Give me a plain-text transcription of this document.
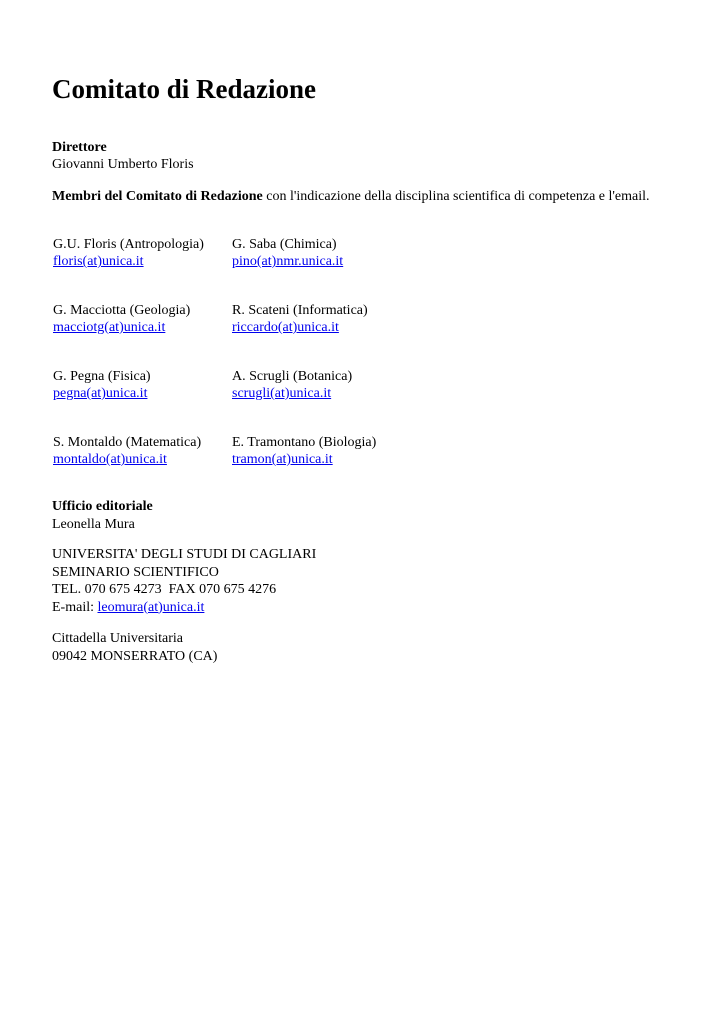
Comitato di Redazione
Direttore
Giovanni Umberto Floris
Membri del Comitato di Redazione con l'indicazione della disciplina scientifica di competenza e l'email.
G.U. Floris (Antropologia)
floris(at)unica.it
G. Saba (Chimica)
pino(at)nmr.unica.it
G. Macciotta (Geologia)
macciotg(at)unica.it
R. Scateni (Informatica)
riccardo(at)unica.it
G. Pegna (Fisica)
pegna(at)unica.it
A. Scrugli (Botanica)
scrugli(at)unica.it
S. Montaldo (Matematica)
montaldo(at)unica.it
E. Tramontano (Biologia)
tramon(at)unica.it
Ufficio editoriale
Leonella Mura
UNIVERSITA' DEGLI STUDI DI CAGLIARI
SEMINARIO SCIENTIFICO
TEL. 070 675 4273  FAX 070 675 4276
E-mail: leomura(at)unica.it
Cittadella Universitaria
09042 MONSERRATO (CA)
